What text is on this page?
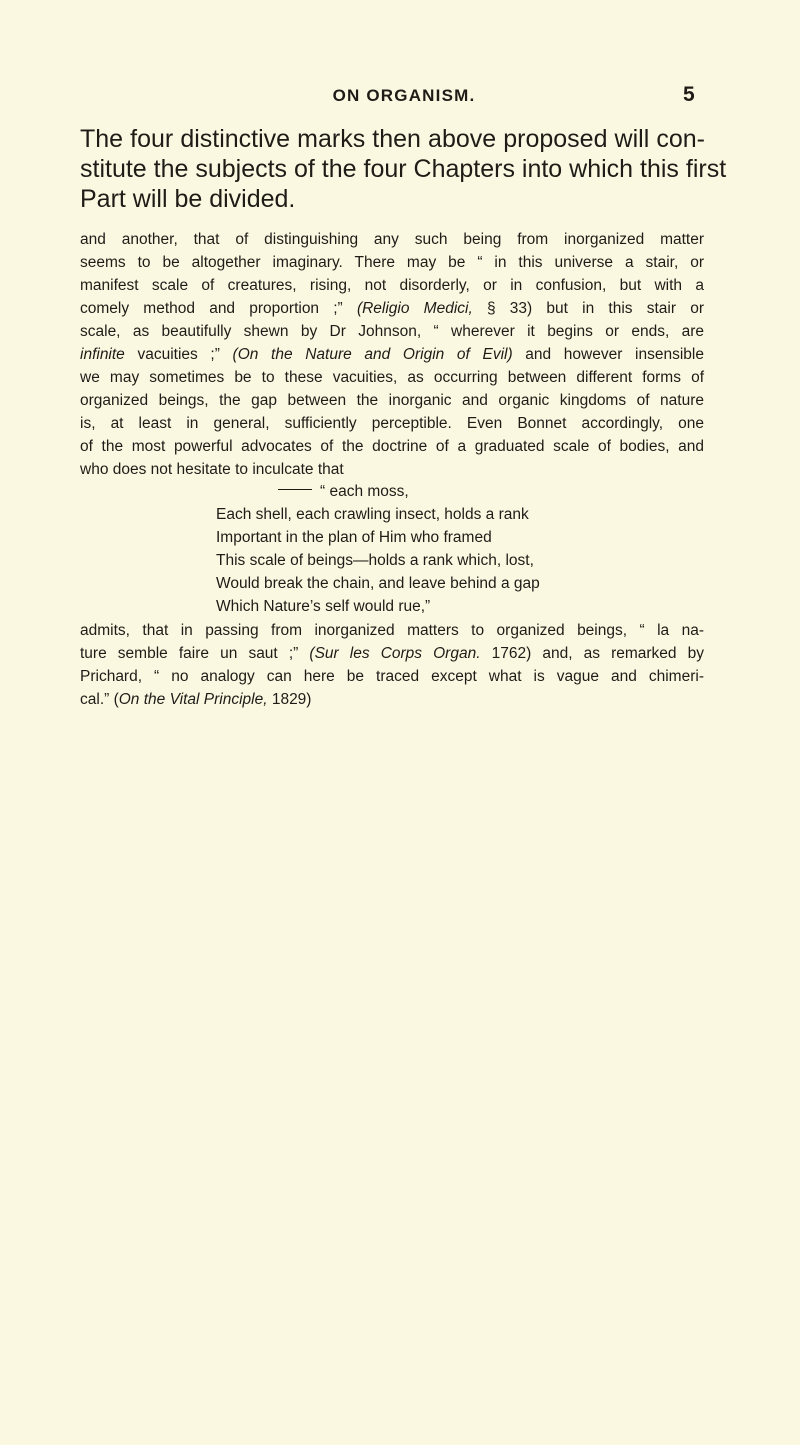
ON ORGANISM.	5

The four distinctive marks then above proposed will con-
stitute the subjects of the four Chapters into which this first
Part will be divided.

and another, that of distinguishing any such being from inorganized matter
seems to be altogether imaginary. There may be “ in this universe a stair, or
manifest scale of creatures, rising, not disorderly, or in confusion, but with a
comely method and proportion ;” (Religio Medici, § 33) but in this stair or
scale, as beautifully shewn by Dr Johnson, “ wherever it begins or ends, are
infinite vacuities ;” (On the Nature and Origin of Evil) and however insensible
we may sometimes be to these vacuities, as occurring between different forms of
organized beings, the gap between the inorganic and organic kingdoms of nature
is, at least in general, sufficiently perceptible. Even Bonnet accordingly, one
of the most powerful advocates of the doctrine of a graduated scale of bodies, and
who does not hesitate to inculcate that

“ each moss,
Each shell, each crawling insect, holds a rank
Important in the plan of Him who framed
This scale of beings—holds a rank which, lost,
Would break the chain, and leave behind a gap
Which Nature’s self would rue,”

admits, that in passing from inorganized matters to organized beings, “ la na-
ture semble faire un saut ;” (Sur les Corps Organ. 1762) and, as remarked by
Prichard, “ no analogy can here be traced except what is vague and chimeri-
cal.” (On the Vital Principle, 1829)
